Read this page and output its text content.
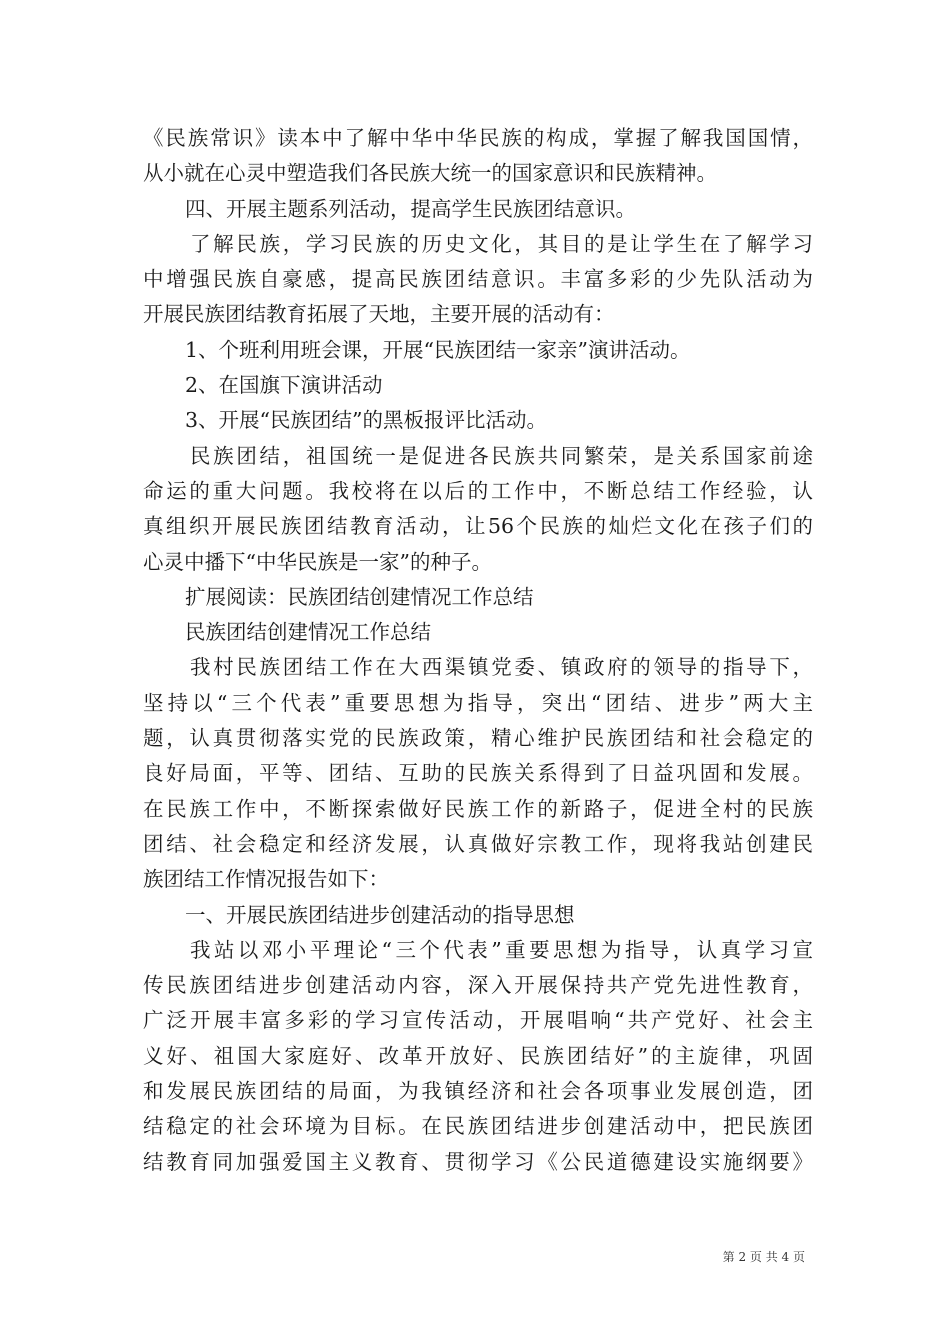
《民族常识》读本中了解中华中华民族的构成，掌握了解我国国情，
从小就在心灵中塑造我们各民族大统一的国家意识和民族精神。
四、开展主题系列活动，提高学生民族团结意识。
了解民族，学习民族的历史文化，其目的是让学生在了解学习
中增强民族自豪感，提高民族团结意识。丰富多彩的少先队活动为
开展民族团结教育拓展了天地，主要开展的活动有：
1、个班利用班会课，开展“民族团结一家亲”演讲活动。
2、在国旗下演讲活动
3、开展“民族团结”的黑板报评比活动。
民族团结，祖国统一是促进各民族共同繁荣，是关系国家前途
命运的重大问题。我校将在以后的工作中，不断总结工作经验，认
真组织开展民族团结教育活动，让56个民族的灿烂文化在孩子们的
心灵中播下“中华民族是一家”的种子。
扩展阅读：民族团结创建情况工作总结
民族团结创建情况工作总结
我村民族团结工作在大西渠镇党委、镇政府的领导的指导下，
坚持以“三个代表”重要思想为指导，突出“团结、进步”两大主
题，认真贯彻落实党的民族政策，精心维护民族团结和社会稳定的
良好局面，平等、团结、互助的民族关系得到了日益巩固和发展。
在民族工作中，不断探索做好民族工作的新路子，促进全村的民族
团结、社会稳定和经济发展，认真做好宗教工作，现将我站创建民
族团结工作情况报告如下：
一、开展民族团结进步创建活动的指导思想
我站以邓小平理论“三个代表”重要思想为指导，认真学习宣
传民族团结进步创建活动内容，深入开展保持共产党先进性教育，
广泛开展丰富多彩的学习宣传活动，开展唱响“共产党好、社会主
义好、祖国大家庭好、改革开放好、民族团结好”的主旋律，巩固
和发展民族团结的局面，为我镇经济和社会各项事业发展创造，团
结稳定的社会环境为目标。在民族团结进步创建活动中，把民族团
结教育同加强爱国主义教育、贯彻学习《公民道德建设实施纲要》
第 2 页 共 4 页
